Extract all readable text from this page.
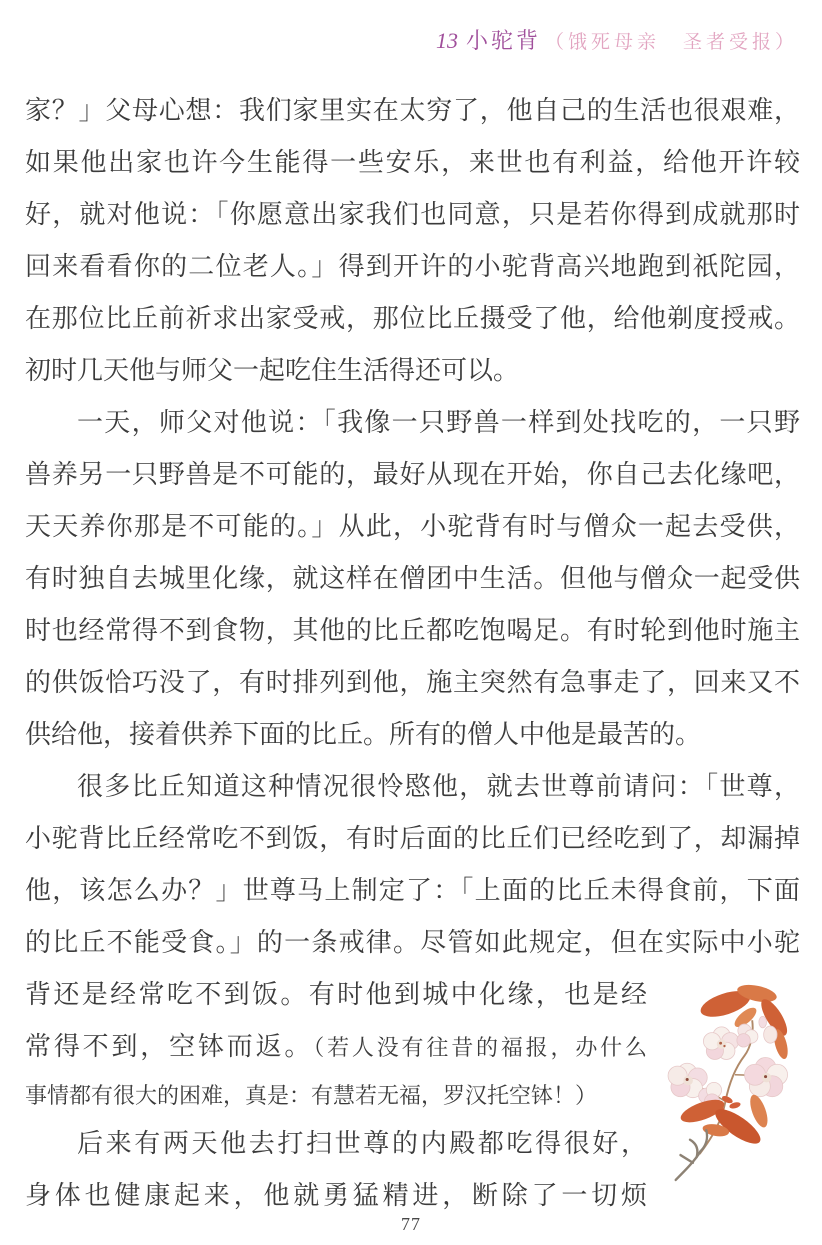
13 小驼背 （饿死母亲　圣者受报）
家？」父母心想：我们家里实在太穷了，他自己的生活也很艰难，
如果他出家也许今生能得一些安乐，来世也有利益，给他开许较
好，就对他说：「你愿意出家我们也同意，只是若你得到成就那时
回来看看你的二位老人。」得到开许的小驼背高兴地跑到祇陀园，
在那位比丘前祈求出家受戒，那位比丘摄受了他，给他剃度授戒。
初时几天他与师父一起吃住生活得还可以。
一天，师父对他说：「我像一只野兽一样到处找吃的，一只野
兽养另一只野兽是不可能的，最好从现在开始，你自己去化缘吧，
天天养你那是不可能的。」从此，小驼背有时与僧众一起去受供，
有时独自去城里化缘，就这样在僧团中生活。但他与僧众一起受供
时也经常得不到食物，其他的比丘都吃饱喝足。有时轮到他时施主
的供饭恰巧没了，有时排列到他，施主突然有急事走了，回来又不
供给他，接着供养下面的比丘。所有的僧人中他是最苦的。
很多比丘知道这种情况很怜愍他，就去世尊前请问：「世尊，
小驼背比丘经常吃不到饭，有时后面的比丘们已经吃到了，却漏掉
他，该怎么办？」世尊马上制定了：「上面的比丘未得食前，下面
的比丘不能受食。」的一条戒律。尽管如此规定，但在实际中小驼
背还是经常吃不到饭。有时他到城中化缘，也是经
常得不到，空钵而返。（若人没有往昔的福报，办什么
事情都有很大的困难，真是：有慧若无福，罗汉托空钵！）
后来有两天他去打扫世尊的内殿都吃得很好，
身体也健康起来，他就勇猛精进，断除了一切烦
77
